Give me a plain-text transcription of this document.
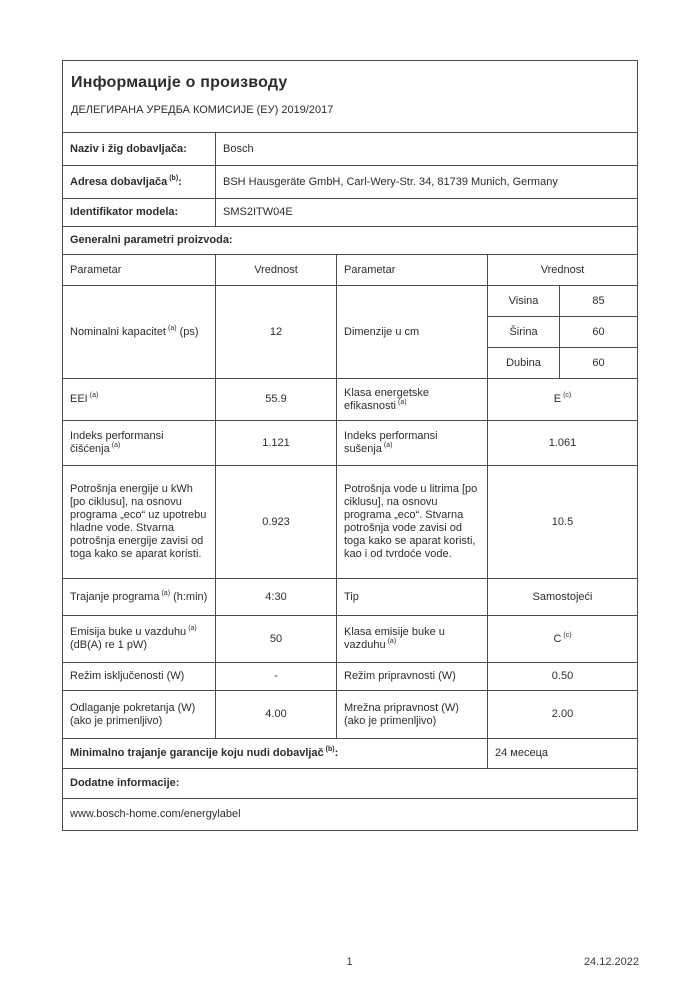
Информације о производу
ДЕЛЕГИРАНА УРЕДБА КОМИСИЈЕ (ЕУ) 2019/2017				

Naziv i žig dobavljača:	Bosch			
Adresa dobavljača $^{(b)}$:	BSH Hausgeräte GmbH, Carl-Wery-Str. 34, 81739 Munich, Germany			
Identifikator modela:	SMS2ITW04E			
Generalni parametri proizvoda:				
Parametar	Vrednost	Parametar	Vrednost	
Nominalni kapacitet $^{(a)}$ (ps)	12	Dimenzije u cm	Visina	85
			Širina	60
			Dubina	60
EEI $^{(a)}$	55.9	Klasa energetske efikasnosti $^{(a)}$	E $^{(c)}$
Indeks performansi čišćenja $^{(a)}$	1.121	Indeks performansi sušenja $^{(a)}$	1.061	
Potrošnja energije u kWh [po ciklusu], na osnovu programa „eco“ uz upotrebu hladne vode. Stvarna potrošnja energije zavisi od toga kako se aparat koristi.	0.923	Potrošnja vode u litrima [po ciklusu], na osnovu programa „eco“. Stvarna potrošnja vode zavisi od toga kako se aparat koristi, kao i od tvrdoće vode.	10.5	
Trajanje programa $^{(a)}$ (h:min)	4:30	Tip	Samostojeći	
Emisija buke u vazduhu $^{(a)}$ (dB(A) re 1 pW)	50	Klasa emisije buke u vazduhu $^{(a)}$	C $^{(c)}$
Režim isključenosti (W)	-	Režim pripravnosti (W)	0.50	
Odlaganje pokretanja (W) (ako je primenljivo)	4.00	Mrežna pripravnost (W) (ako je primenljivo)	2.00	
Minimalno trajanje garancije koju nudi dobavljač $^{(b)}$:			24 месеца	
Dodatne informacije:				
www.bosch-home.com/energylabel				
1	24.12.2022
